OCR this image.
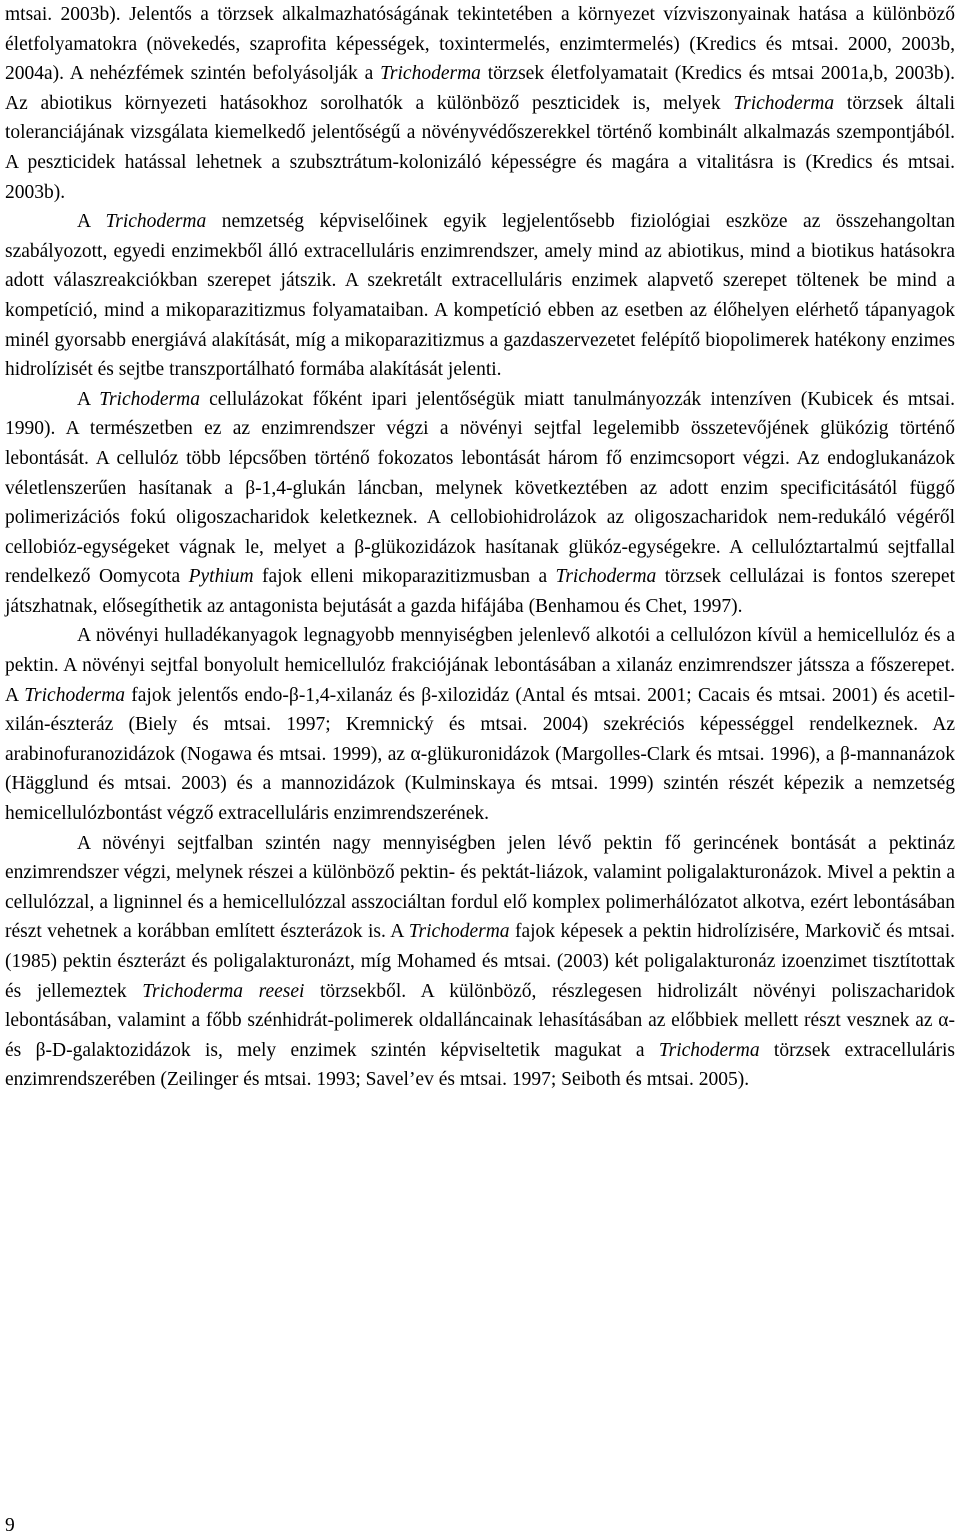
mtsai. 2003b). Jelentős a törzsek alkalmazhatóságának tekintetében a környezet vízviszonyainak hatása a különböző életfolyamatokra (növekedés, szaprofita képességek, toxintermelés, enzimtermelés) (Kredics és mtsai. 2000, 2003b, 2004a). A nehézfémek szintén befolyásolják a Trichoderma törzsek életfolyamatait (Kredics és mtsai 2001a,b, 2003b). Az abiotikus környezeti hatásokhoz sorolhatók a különböző peszticidek is, melyek Trichoderma törzsek általi toleranciájának vizsgálata kiemelkedő jelentőségű a növényvédőszerekkel történő kombinált alkalmazás szempontjából. A peszticidek hatással lehetnek a szubsztrátum-kolonizáló képességre és magára a vitalitásra is (Kredics és mtsai. 2003b).

A Trichoderma nemzetség képviselőinek egyik legjelentősebb fiziológiai eszköze az összehangoltan szabályozott, egyedi enzimekből álló extracelluláris enzimrendszer, amely mind az abiotikus, mind a biotikus hatásokra adott válaszreakciókban szerepet játszik. A szekretált extracelluláris enzimek alapvető szerepet töltenek be mind a kompetíció, mind a mikoparazitizmus folyamataiban. A kompetíció ebben az esetben az élőhelyen elérhető tápanyagok minél gyorsabb energiává alakítását, míg a mikoparazitizmus a gazdaszervezetet felépítő biopolimerek hatékony enzimes hidrolízisét és sejtbe transzportálható formába alakítását jelenti.

A Trichoderma cellulázokat főként ipari jelentőségük miatt tanulmányozzák intenzíven (Kubicek és mtsai. 1990). A természetben ez az enzimrendszer végzi a növényi sejtfal legelemibb összetevőjének glükózig történő lebontását. A cellulóz több lépcsőben történő fokozatos lebontását három fő enzimcsoport végzi. Az endoglukanázok véletlenszerűen hasítanak a β-1,4-glukán láncban, melynek következtében az adott enzim specificitásától függő polimerizációs fokú oligoszacharidok keletkeznek. A cellobiohidrolázok az oligoszacharidok nem-redukáló végéről cellobióz-egységeket vágnak le, melyet a β-glükozidázok hasítanak glükóz-egységekre. A cellulóztartalmú sejtfallal rendelkező Oomycota Pythium fajok elleni mikoparazitizmusban a Trichoderma törzsek cellulázai is fontos szerepet játszhatnak, elősegíthetik az antagonista bejutását a gazda hifájába (Benhamou és Chet, 1997).

A növényi hulladékanyagok legnagyobb mennyiségben jelenlevő alkotói a cellulózon kívül a hemicellulóz és a pektin. A növényi sejtfal bonyolult hemicellulóz frakciójának lebontásában a xilanáz enzimrendszer játssza a főszerepet. A Trichoderma fajok jelentős endo-β-1,4-xilanáz és β-xilozidáz (Antal és mtsai. 2001; Cacais és mtsai. 2001) és acetil-xilán-észteráz (Biely és mtsai. 1997; Kremnický és mtsai. 2004) szekréciós képességgel rendelkeznek. Az arabinofuranozidázok (Nogawa és mtsai. 1999), az α-glükuronidázok (Margolles-Clark és mtsai. 1996), a β-mannanázok (Hägglund és mtsai. 2003) és a mannozidázok (Kulminskaya és mtsai. 1999) szintén részét képezik a nemzetség hemicellulózbontást végző extracelluláris enzimrendszerének.

A növényi sejtfalban szintén nagy mennyiségben jelen lévő pektin fő gerincének bontását a pektináz enzimrendszer végzi, melynek részei a különböző pektin- és pektát-liázok, valamint poligalakturonázok. Mivel a pektin a cellulózzal, a ligninnel és a hemicellulózzal asszociáltan fordul elő komplex polimerhálózatot alkotva, ezért lebontásában részt vehetnek a korábban említett észterázok is. A Trichoderma fajok képesek a pektin hidrolízisére, Markovič és mtsai. (1985) pektin észterázt és poligalakturonázt, míg Mohamed és mtsai. (2003) két poligalakturonáz izoenzimet tisztítottak és jellemeztek Trichoderma reesei törzsekből. A különböző, részlegesen hidrolizált növényi poliszacharidok lebontásában, valamint a főbb szénhidrát-polimerek oldalláncainak lehasításában az előbbiek mellett részt vesznek az α- és β-D-galaktozidázok is, mely enzimek szintén képviseltetik magukat a Trichoderma törzsek extracelluláris enzimrendszerében (Zeilinger és mtsai. 1993; Savel’ev és mtsai. 1997; Seiboth és mtsai. 2005).

9
